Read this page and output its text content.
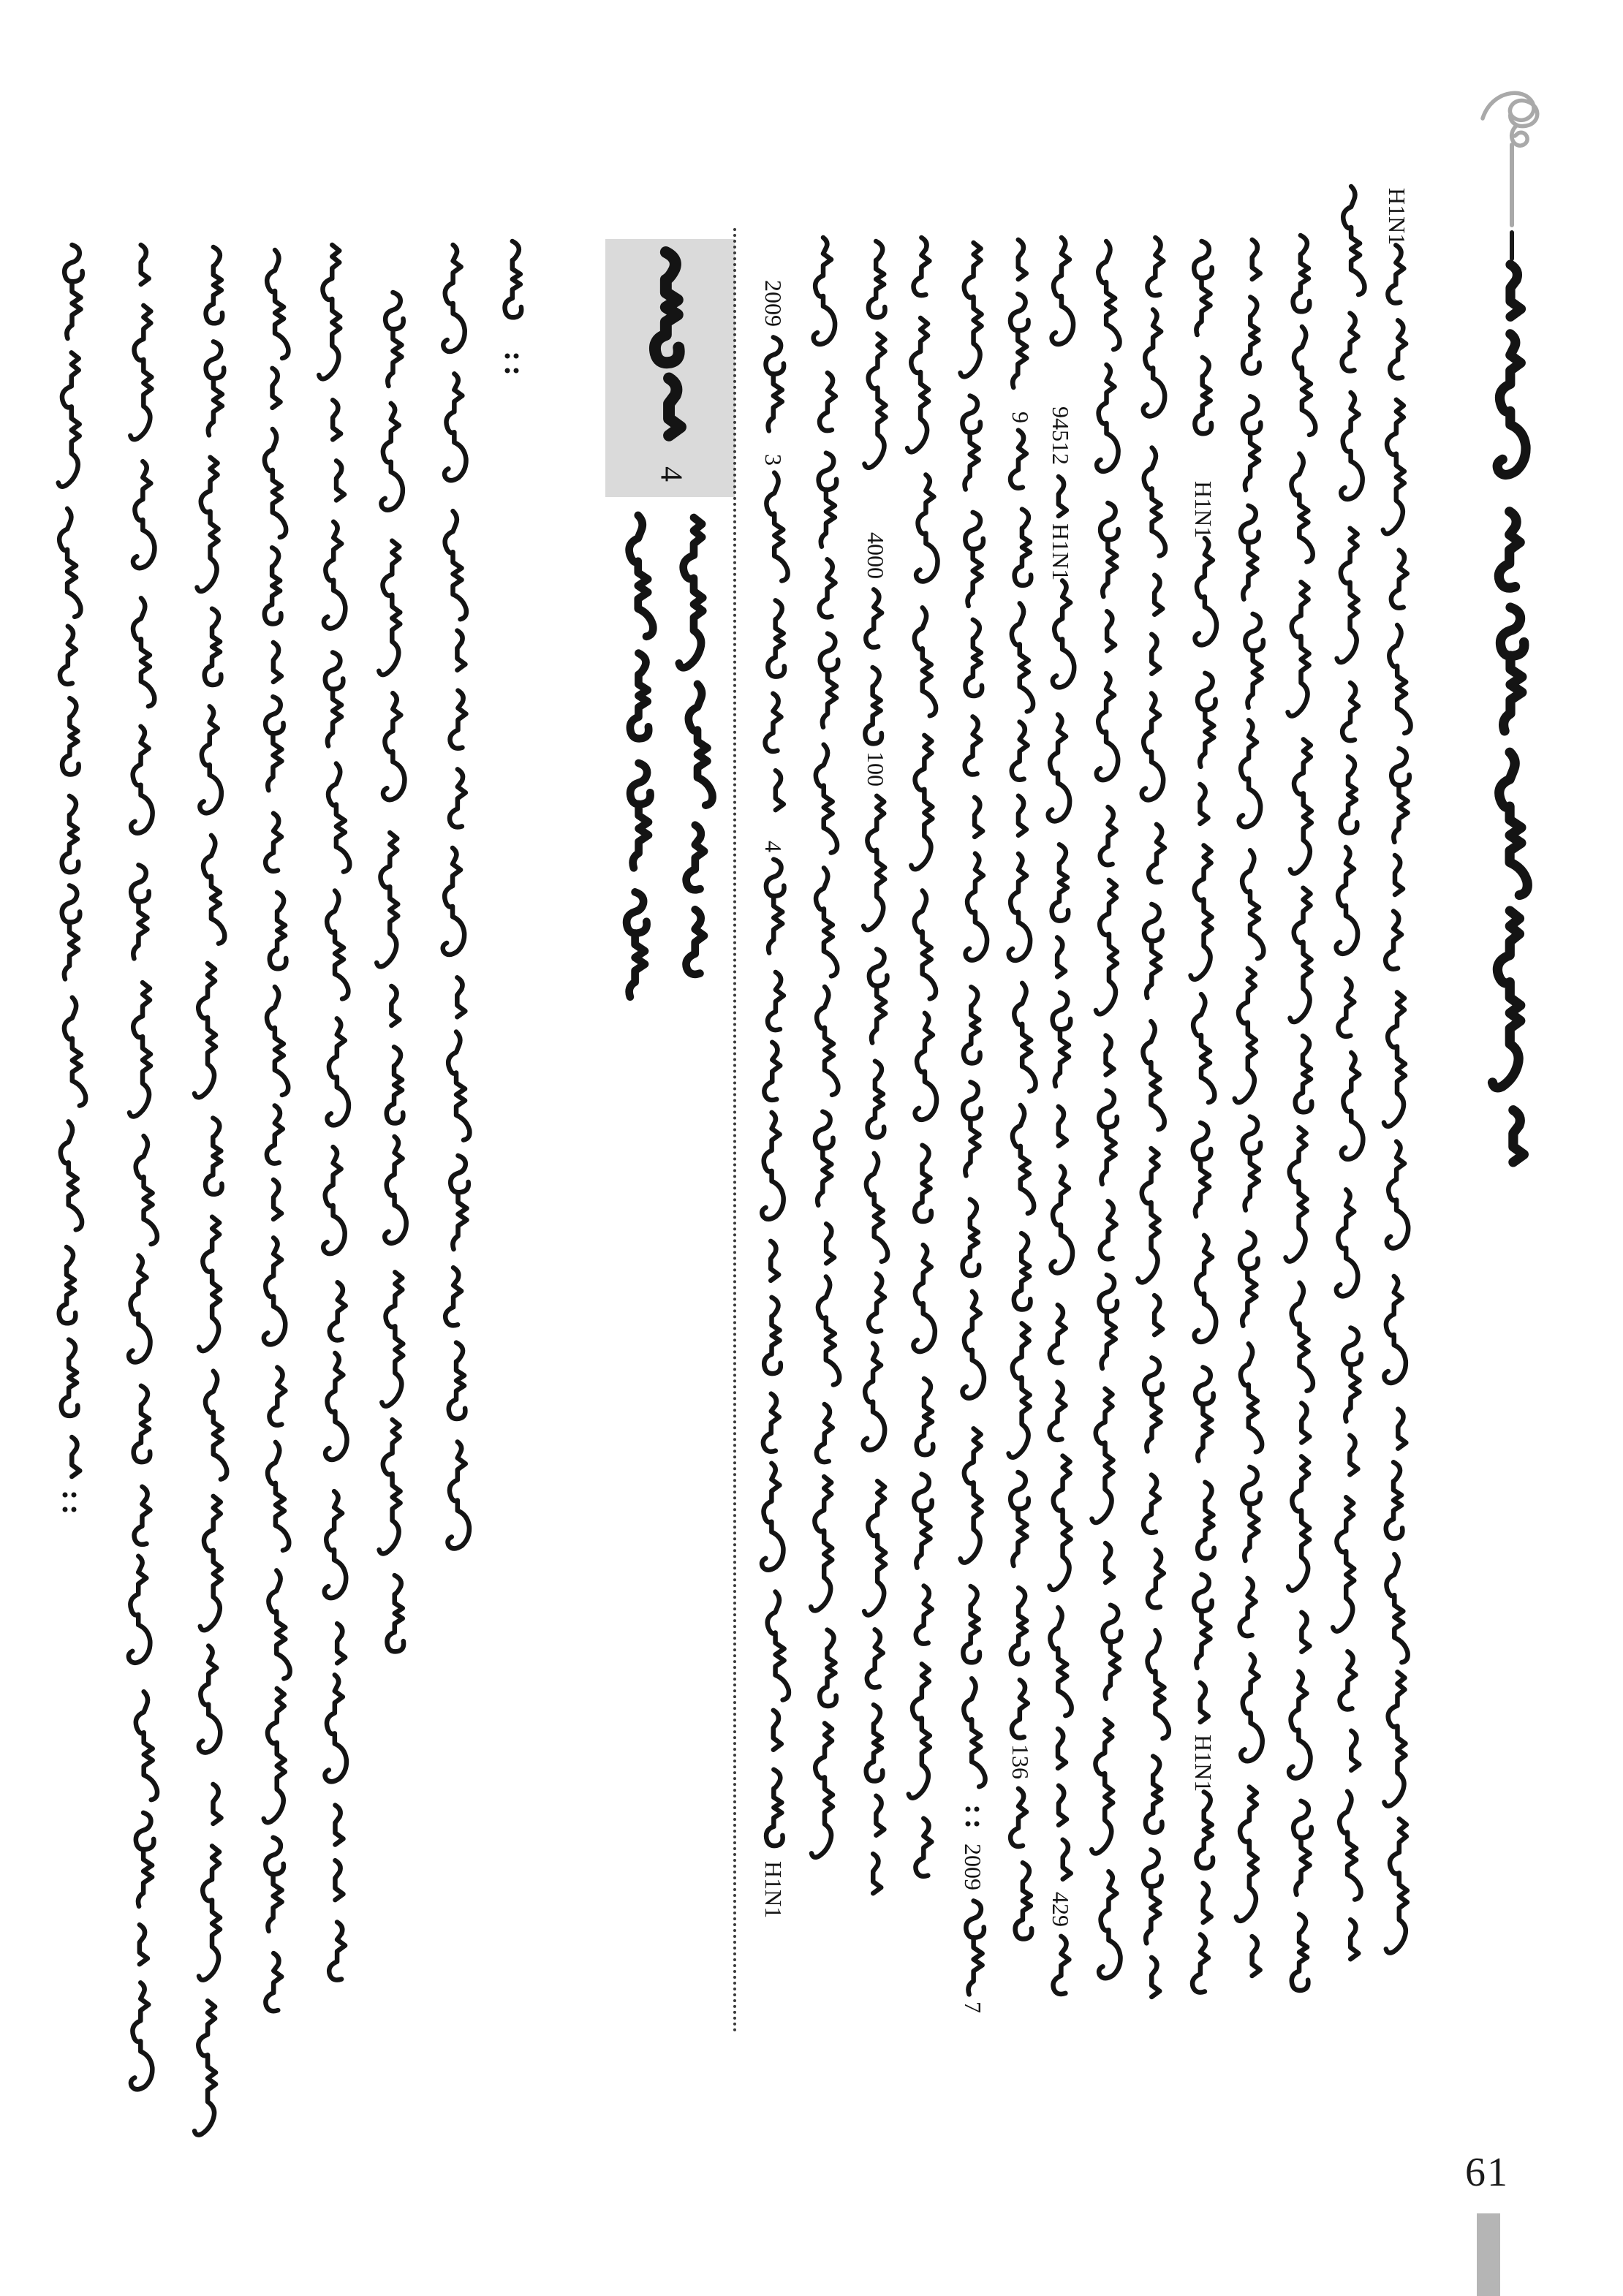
4
2009
3
4
H1N1
4000
100
2009
7
9
136
94512
H1N1
429
H1N1
H1N1
H1N1
61
